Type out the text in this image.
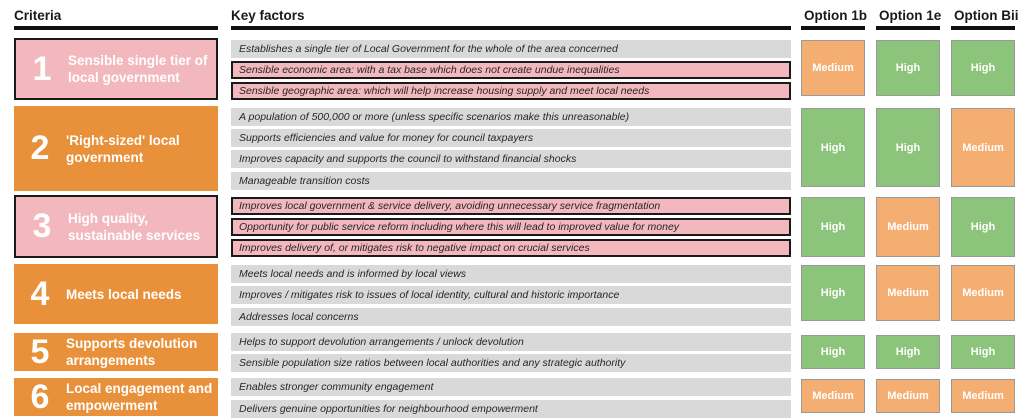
Criteria	Key factors	Option 1b Option 1e Option Bii
1	Sensible single tier of local government
Establishes a single tier of Local Government for the whole of the area concerned
Sensible economic area: with a tax base which does not create undue inequalities
Sensible geographic area: which will help increase housing supply and meet local needs
Medium	High	High
2	'Right-sized' local government
A population of 500,000 or more (unless specific scenarios make this unreasonable)
Supports efficiencies and value for money for council taxpayers
Improves capacity and supports the council to withstand financial shocks
Manageable transition costs
High	High	Medium
3	High quality, sustainable services
Improves local government & service delivery, avoiding unnecessary service fragmentation
Opportunity for public service reform including where this will lead to improved value for money
Improves delivery of, or mitigates risk to negative impact on crucial services
High	Medium	High
4	Meets local needs
Meets local needs and is informed by local views
Improves / mitigates risk to issues of local identity, cultural and historic importance
Addresses local concerns
High	Medium	Medium
5	Supports devolution arrangements
Helps to support devolution arrangements / unlock devolution
Sensible population size ratios between local authorities and any strategic authority
High	High	High
6	Local engagement and empowerment
Enables stronger community engagement
Delivers genuine opportunities for neighbourhood empowerment
Medium	Medium	Medium
